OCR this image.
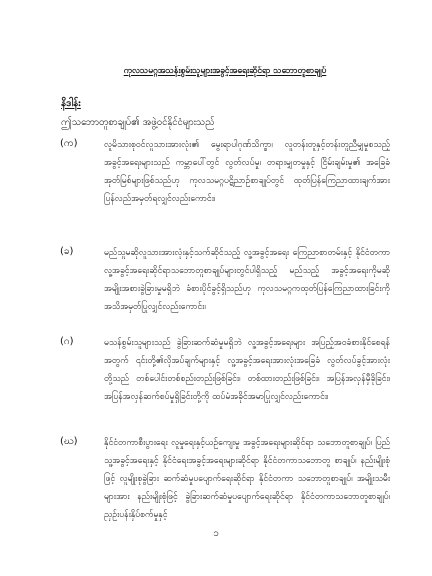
ကုလသမဂ္ဂအသန်းစွမ်းသူများအခွင့်အရေးဆိုင်ရာ သဘောတူစာချုပ်
နိဒါန်း
ဤသဘောတူစာချုပ်၏ အဖွဲ့ဝင်နိုင်ငံများသည်
(က)	လူမိသားစုဝင်လူသားအားလုံး၏ မွေးရာပါဂုဏ်သိက္ခာ၊ လူတန်းတူနှင့်တန်းတူညီမျှမှုစသည့် အခွင့်အရေးများသည် ကမ္ဘာပေါ်တွင် လွတ်လပ်မှု၊ တရားမျှတမှုနှင့် ငြိမ်းချမ်းမှု၏ အခြေခံအုတ်မြစ်များဖြစ်သည်ဟု ကုလသမဂ္ဂပဋိညာဉ်စာချုပ်တွင် ထုတ်ပြန်ကြေညာထားချက်အား ပြန်လည်အမှတ်ရလျှင်လည်းကောင်း၊
(ခ)	မည်သူမဆိုလူသားအားလုံးနှင့်သက်ဆိုင်သည့် လူ့အခွင့်အရေး ကြေညာစာတမ်းနှင့် နိုင်ငံတကာ လူ့အခွင့်အရေးဆိုင်ရာသဘောတူစာချုပ်များတွင်ပါရှိသည့် မည်သည့် အခွင့်အရေးကိုမဆို အမျိုးအစားခွဲခြားမှုမရှိဘဲ ခံစားပိုင်ခွင့်ရှိသည်ဟု ကုလသမဂ္ဂကထုတ်ပြန်ကြေညာထားခြင်းကို အသိအမှတ်ပြုလျှင်လည်းကောင်း၊
(ဂ)	မသန်စွမ်းသူများသည် ခွဲခြားဆက်ဆံမှုမရှိဘဲ လူ့အခွင့်အရေးများ အပြည့်အဝခံစားနိုင်စေရန်အတွက် ၎င်းတို့၏လိုအပ်ချက်များနှင့် လူ့အခွင့်အရေးအားလုံးအခြေခံ လွတ်လပ်ခွင့်အားလုံးတို့သည် တစ်ပေါင်းတစ်စည်းတည်းဖြစ်ခြင်း၊ တစ်ထားတည်းဖြစ်ခြင်း၊ အပြန်အလှန်မှီခိုခြင်း၊ အပြန်အလှန်ဆက်စပ်မှုရှိခြင်းတို့ကို ထပ်မံအခိုင်အမာပြုလျှင်လည်းကောင်း၊
(ဃ)	နိုင်ငံတကာစီးပွားရေး လူမှုရေးနှင့်ယဉ်ကျေးမှု အခွင့်အရေးများဆိုင်ရာ သဘောတူစာချုပ်၊ ပြည်သူ့အခွင့်အရေးနှင့် နိုင်ငံရေးအခွင့်အရေးများဆိုင်ရာ နိုင်ငံတကာသဘောတူ စာချုပ်၊ နည်းမျိုးစုံဖြင့် လူမျိုးစုခွဲခြား ဆက်ဆံမှုပပျောက်ရေးဆိုင်ရာ နိုင်ငံတကာ သဘောတူစာချုပ်၊ အမျိုးသမီးများအား နည်းမျိုးစုံဖြင့် ခွဲခြားဆက်ဆံမှုပပျောက်ရေးဆိုင်ရာ နိုင်ငံတကာသဘောတူစာချုပ်၊ ညှဉ်းပန်းနှိပ်စက်မှုနှင့်
၁
